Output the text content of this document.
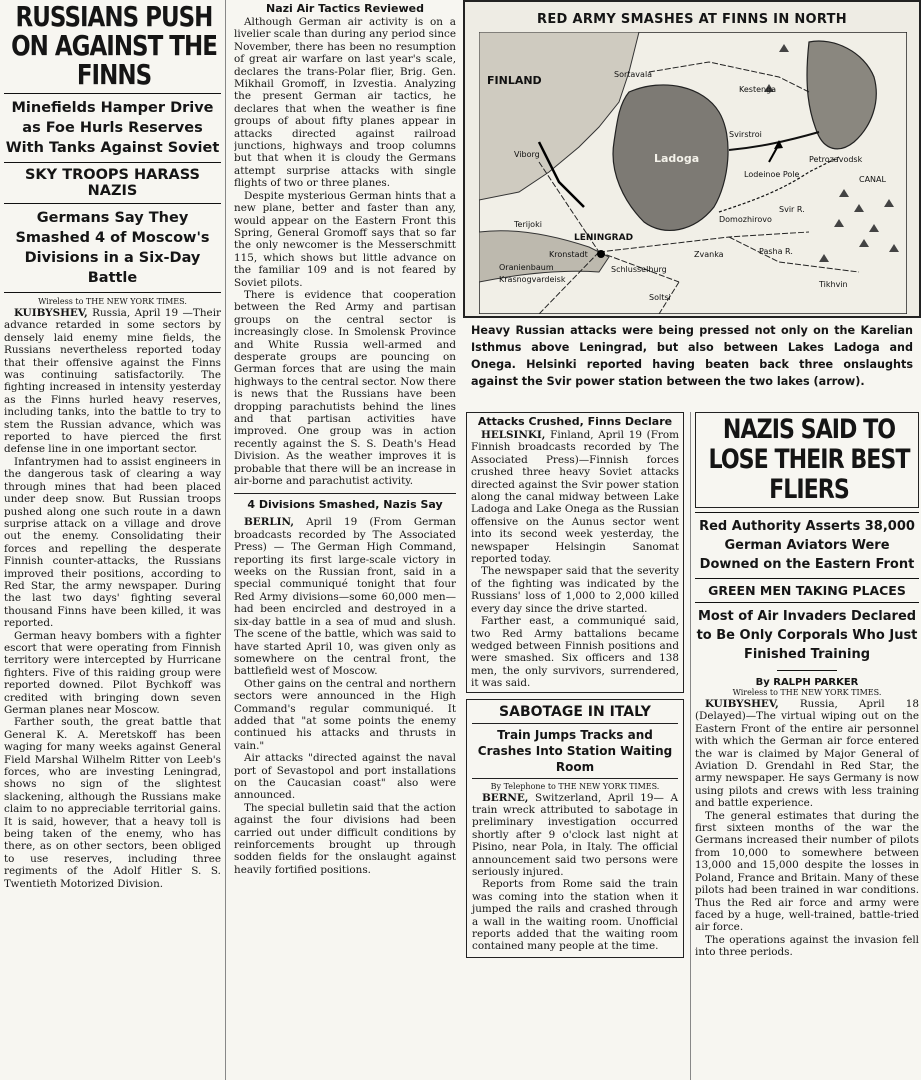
RUSSIANS PUSH ON AGAINST THE FINNS
Minefields Hamper Drive as Foe Hurls Reserves With Tanks Against Soviet
SKY TROOPS HARASS NAZIS
Germans Say They Smashed 4 of Moscow's Divisions in a Six-Day Battle
Wireless to THE NEW YORK TIMES.

KUIBYSHEV, Russia, April 19 —Their advance retarded in some sectors by densely laid enemy mine fields, the Russians nevertheless reported today that their offensive against the Finns was continuing satisfactorily. The fighting increased in intensity yesterday as the Finns hurled heavy reserves, including tanks, into the battle to try to stem the Russian advance, which was reported to have pierced the first defense line in one important sector.

Infantrymen had to assist engineers in the dangerous task of clearing a way through mines that had been placed under deep snow. But Russian troops pushed along one such route in a dawn surprise attack on a village and drove out the enemy. Consolidating their forces and repelling the desperate Finnish counter-attacks, the Russians improved their positions, according to Red Star, the army newspaper. During the last two days' fighting several thousand Finns have been killed, it was reported.

German heavy bombers with a fighter escort that were operating from Finnish territory were intercepted by Hurricane fighters. Five of this raiding group were reported downed. Pilot Bychkoff was credited with bringing down seven German planes near Moscow.

Farther south, the great battle that General K. A. Meretskoff has been waging for many weeks against General Field Marshal Wilhelm Ritter von Leeb's forces, who are investing Leningrad, shows no sign of the slightest slackening, although the Russians make claim to no appreciable territorial gains. It is said, however, that a heavy toll is being taken of the enemy, who has there, as on other sectors, been obliged to use reserves, including three regiments of the Adolf Hitler S. S. Twentieth Motorized Division.

Nazi Air Tactics Reviewed

Although German air activity is on a livelier scale than during any period since November, there has been no resumption of great air warfare on last year's scale, declares the trans-Polar flier, Brig. Gen. Mikhail Gromoff, in Izvestia. Analyzing the present German air tactics, he declares that when the weather is fine groups of about fifty planes appear in attacks directed against railroad junctions, highways and troop columns but that when it is cloudy the Germans attempt surprise attacks with single flights of two or three planes.

Despite mysterious German hints that a new plane, better and faster than any, would appear on the Eastern Front this Spring, General Gromoff says that so far the only newcomer is the Messerschmitt 115, which shows but little advance on the familiar 109 and is not feared by Soviet pilots.

There is evidence that cooperation between the Red Army and partisan groups on the central sector is increasingly close. In Smolensk Province and White Russia well-armed and desperate groups are pouncing on German forces that are using the main highways to the central sector. Now there is news that the Russians have been dropping parachutists behind the lines and that partisan activities have improved. One group was in action recently against the S. S. Death's Head Division. As the weather improves it is probable that there will be an increase in air-borne and parachutist activity.

4 Divisions Smashed, Nazis Say

BERLIN, April 19 (From German broadcasts recorded by The Associated Press) — The German High Command, reporting its first large-scale victory in weeks on the Russian front, said in a special communiqué tonight that four Red Army divisions—some 60,000 men—had been encircled and destroyed in a six-day battle in a sea of mud and slush. The scene of the battle, which was said to have started April 10, was given only as somewhere on the central front, the battlefield west of Moscow.

Other gains on the central and northern sectors were announced in the High Command's regular communiqué. It added that "at some points the enemy continued his attacks and thrusts in vain."

Air attacks "directed against the naval port of Sevastopol and port installations on the Caucasian coast" also were announced.

The special bulletin said that the action against the four divisions had been carried out under difficult conditions by reinforcements brought up through sodden fields for the onslaught against heavily fortified positions.

RED ARMY SMASHES AT FINNS IN NORTH
FINLAND
Ladoga
LENINGRAD
CANAL
Sortavala
Kestenga
Petrozavodsk
Viborg
Terijoki
Kronstadt
Oranienbaum
Krasnogvardeisk
Schlusselburg
Soltsi
Svirstroi
Lodeinoe Pole
Domozhirovo
Pasha R.
Svir R.
Tikhvin
Zvanka
Heavy Russian attacks were being pressed not only on the Karelian Isthmus above Leningrad, but also between Lakes Ladoga and Onega. Helsinki reported having beaten back three onslaughts against the Svir power station between the two lakes (arrow).
Attacks Crushed, Finns Declare

HELSINKI, Finland, April 19 (From Finnish broadcasts recorded by The Associated Press)—Finnish forces crushed three heavy Soviet attacks directed against the Svir power station along the canal midway between Lake Ladoga and Lake Onega as the Russian offensive on the Aunus sector went into its second week yesterday, the newspaper Helsingin Sanomat reported today.

The newspaper said that the severity of the fighting was indicated by the Russians' loss of 1,000 to 2,000 killed every day since the drive started.

Farther east, a communiqué said, two Red Army battalions became wedged between Finnish positions and were smashed. Six officers and 138 men, the only survivors, surrendered, it was said.

SABOTAGE IN ITALY
Train Jumps Tracks and Crashes Into Station Waiting Room
By Telephone to THE NEW YORK TIMES.

BERNE, Switzerland, April 19— A train wreck attributed to sabotage in preliminary investigation occurred shortly after 9 o'clock last night at Pisino, near Pola, in Italy. The official announcement said two persons were seriously injured.

Reports from Rome said the train was coming into the station when it jumped the rails and crashed through a wall in the waiting room. Unofficial reports added that the waiting room contained many people at the time.

NAZIS SAID TO LOSE THEIR BEST FLIERS
Red Authority Asserts 38,000 German Aviators Were Downed on the Eastern Front
GREEN MEN TAKING PLACES
Most of Air Invaders Declared to Be Only Corporals Who Just Finished Training
By RALPH PARKER
Wireless to THE NEW YORK TIMES.

KUIBYSHEV, Russia, April 18 (Delayed)—The virtual wiping out on the Eastern Front of the entire air personnel with which the German air force entered the war is claimed by Major General of Aviation D. Grendahl in Red Star, the army newspaper. He says Germany is now using pilots and crews with less training and battle experience.

The general estimates that during the first sixteen months of the war the Germans increased their number of pilots from 10,000 to somewhere between 13,000 and 15,000 despite the losses in Poland, France and Britain. Many of these pilots had been trained in war conditions. Thus the Red air force and army were faced by a huge, well-trained, battle-tried air force.

The operations against the invasion fell into three periods.
